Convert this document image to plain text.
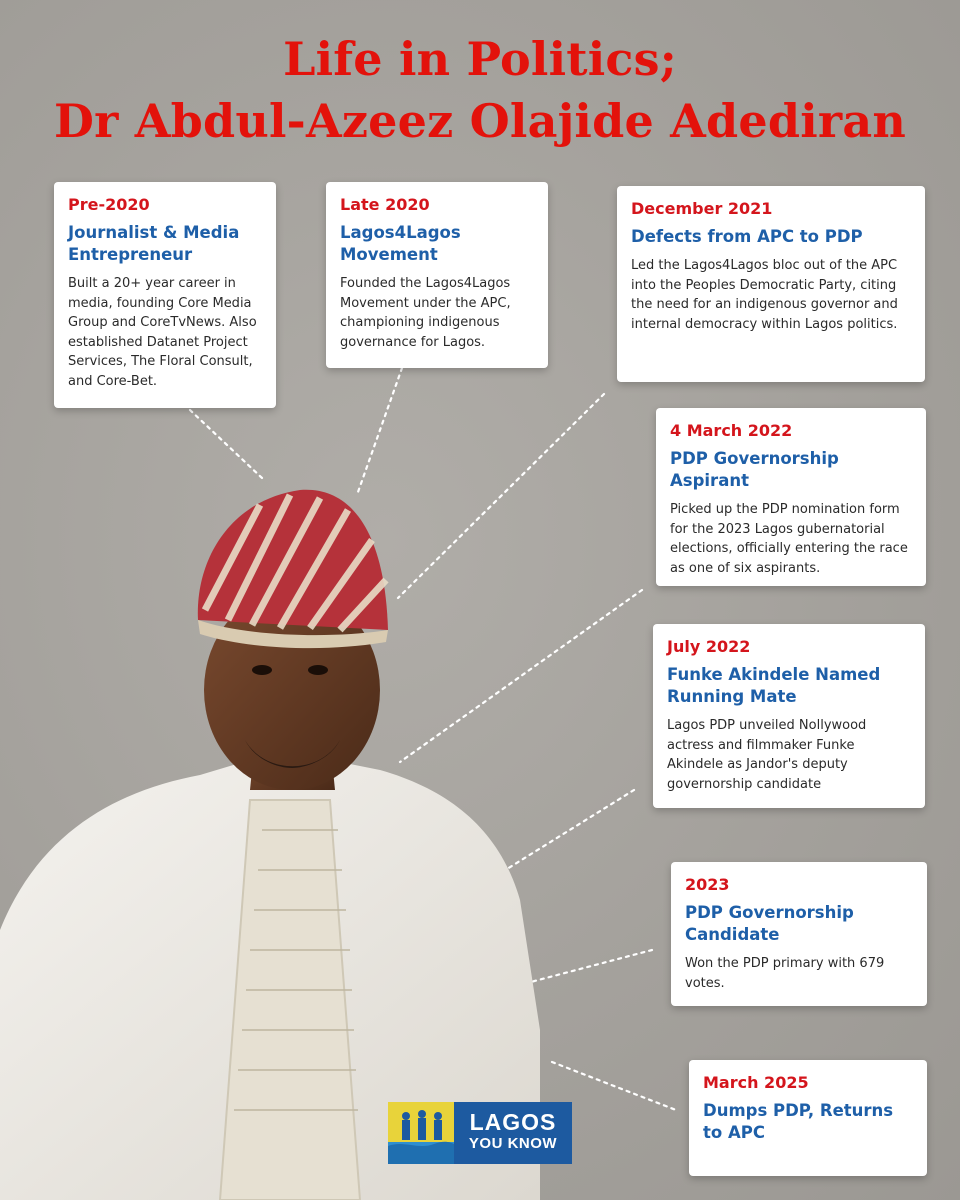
Life in Politics;
Dr Abdul-Azeez Olajide Adediran
Pre-2020
Journalist & Media Entrepreneur
Built a 20+ year career in media, founding Core Media Group and CoreTvNews. Also established Datanet Project Services, The Floral Consult, and Core-Bet.
Late 2020
Lagos4Lagos Movement
Founded the Lagos4Lagos Movement under the APC, championing indigenous governance for Lagos.
December 2021
Defects from APC to PDP
Led the Lagos4Lagos bloc out of the APC into the Peoples Democratic Party, citing the need for an indigenous governor and internal democracy within Lagos politics.
4 March 2022
PDP Governorship Aspirant
Picked up the PDP nomination form for the 2023 Lagos gubernatorial elections, officially entering the race as one of six aspirants.
July 2022
Funke Akindele Named Running Mate
Lagos PDP unveiled Nollywood actress and filmmaker Funke Akindele as Jandor's deputy governorship candidate
2023
PDP Governorship Candidate
Won the PDP primary with 679 votes.
March 2025
Dumps PDP, Returns to APC
LAGOS
YOU KNOW
